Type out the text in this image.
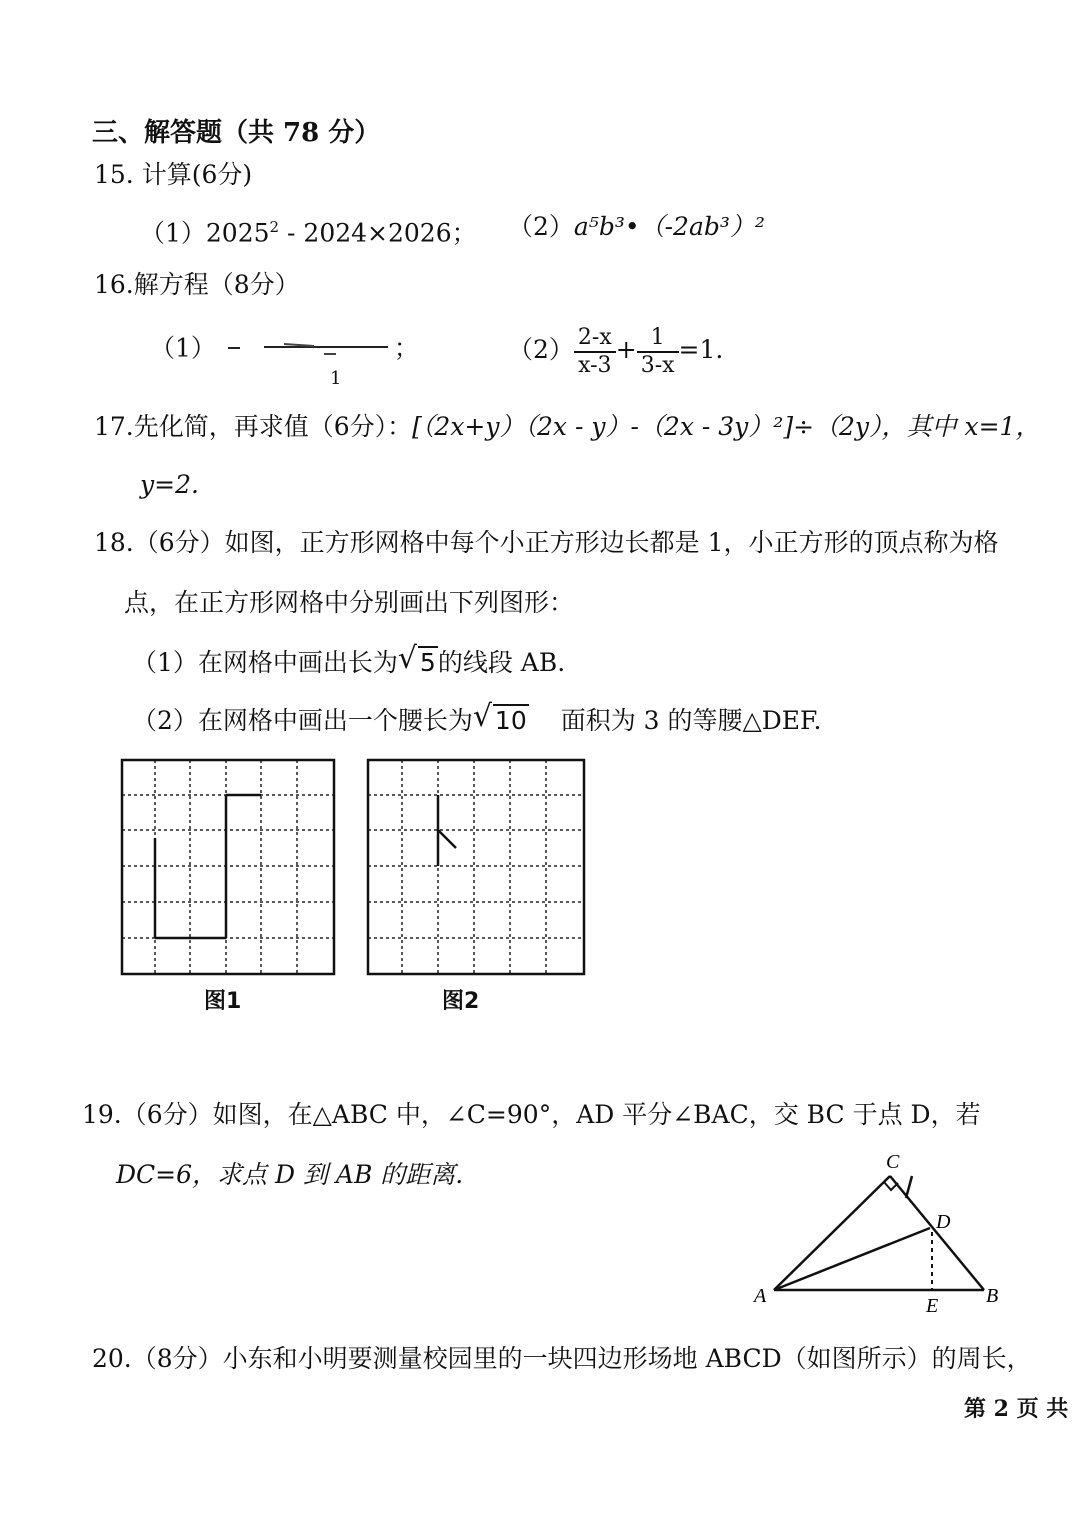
三、解答题（共 78 分）
15. 计算(6分)
（1）2025$^2$ - 2024×2026； （2）a⁵b³•（-2ab³）²
16.解方程（8分）
（1）	；
1
$(2) \frac{2-x}{x-3} + \frac{1}{3-x} =1$.
17.先化简，再求值（6分）：[（2x+y）（2x - y）-（2x - 3y）²]÷（2y），其中 x=1，
y=2.
18.（6分）如图，正方形网格中每个小正方形边长都是 1，小正方形的顶点称为格
点，在正方形网格中分别画出下列图形：
（1）在网格中画出长为 √ 5的线段 AB.
（2）在网格中画出一个腰长为 √ 10 面积为 3 的等腰△DEF.
图1	图2
19.（6分）如图，在△ABC 中，∠C=90°，AD 平分∠BAC，交 BC 于点 D，若
DC=6，求点 D 到 AB 的距离.
A	B
C
D
E
20.（8分）小东和小明要测量校园里的一块四边形场地 ABCD（如图所示）的周长，
第 2 页 共
